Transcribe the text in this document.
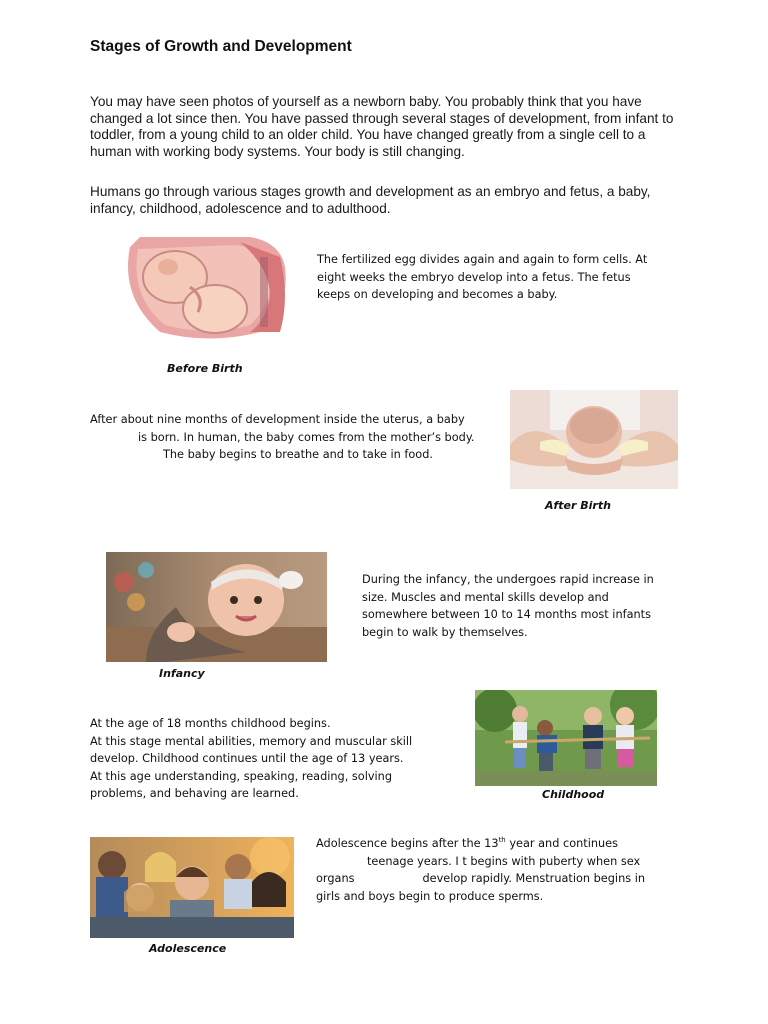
Stages of Growth and Development
You may have seen photos of yourself as a newborn baby. You probably think that you have changed a lot since then. You have passed through several stages of development, from infant to toddler, from a young child to an older child. You have changed greatly from a single cell to a human with working body systems. Your body is still changing.
Humans go through various stages growth and development as an embryo and fetus, a baby, infancy, childhood, adolescence and to adulthood.
The fertilized egg divides again and again to form cells. At
eight weeks the embryo develop into a fetus. The fetus
keeps on developing and becomes a baby.
Before Birth
After about nine months of development inside the uterus, a baby
is born. In human, the baby comes from the mother’s body.
The baby begins to breathe and to take in food.
After Birth
During the infancy, the undergoes rapid increase in
size. Muscles and mental skills develop and
somewhere between 10 to 14 months most infants
begin to walk by themselves.
Infancy
At the age of 18 months childhood begins.
At this stage mental abilities, memory and muscular skill
develop. Childhood continues until the age of 13 years.
At this age understanding, speaking, reading, solving
problems, and behaving are learned.	Childhood
Adolescence begins after the 13th year and continues
teenage years. I t begins with puberty when sex
organs	develop rapidly. Menstruation begins in
girls and boys begin to produce sperms.
Adolescence
